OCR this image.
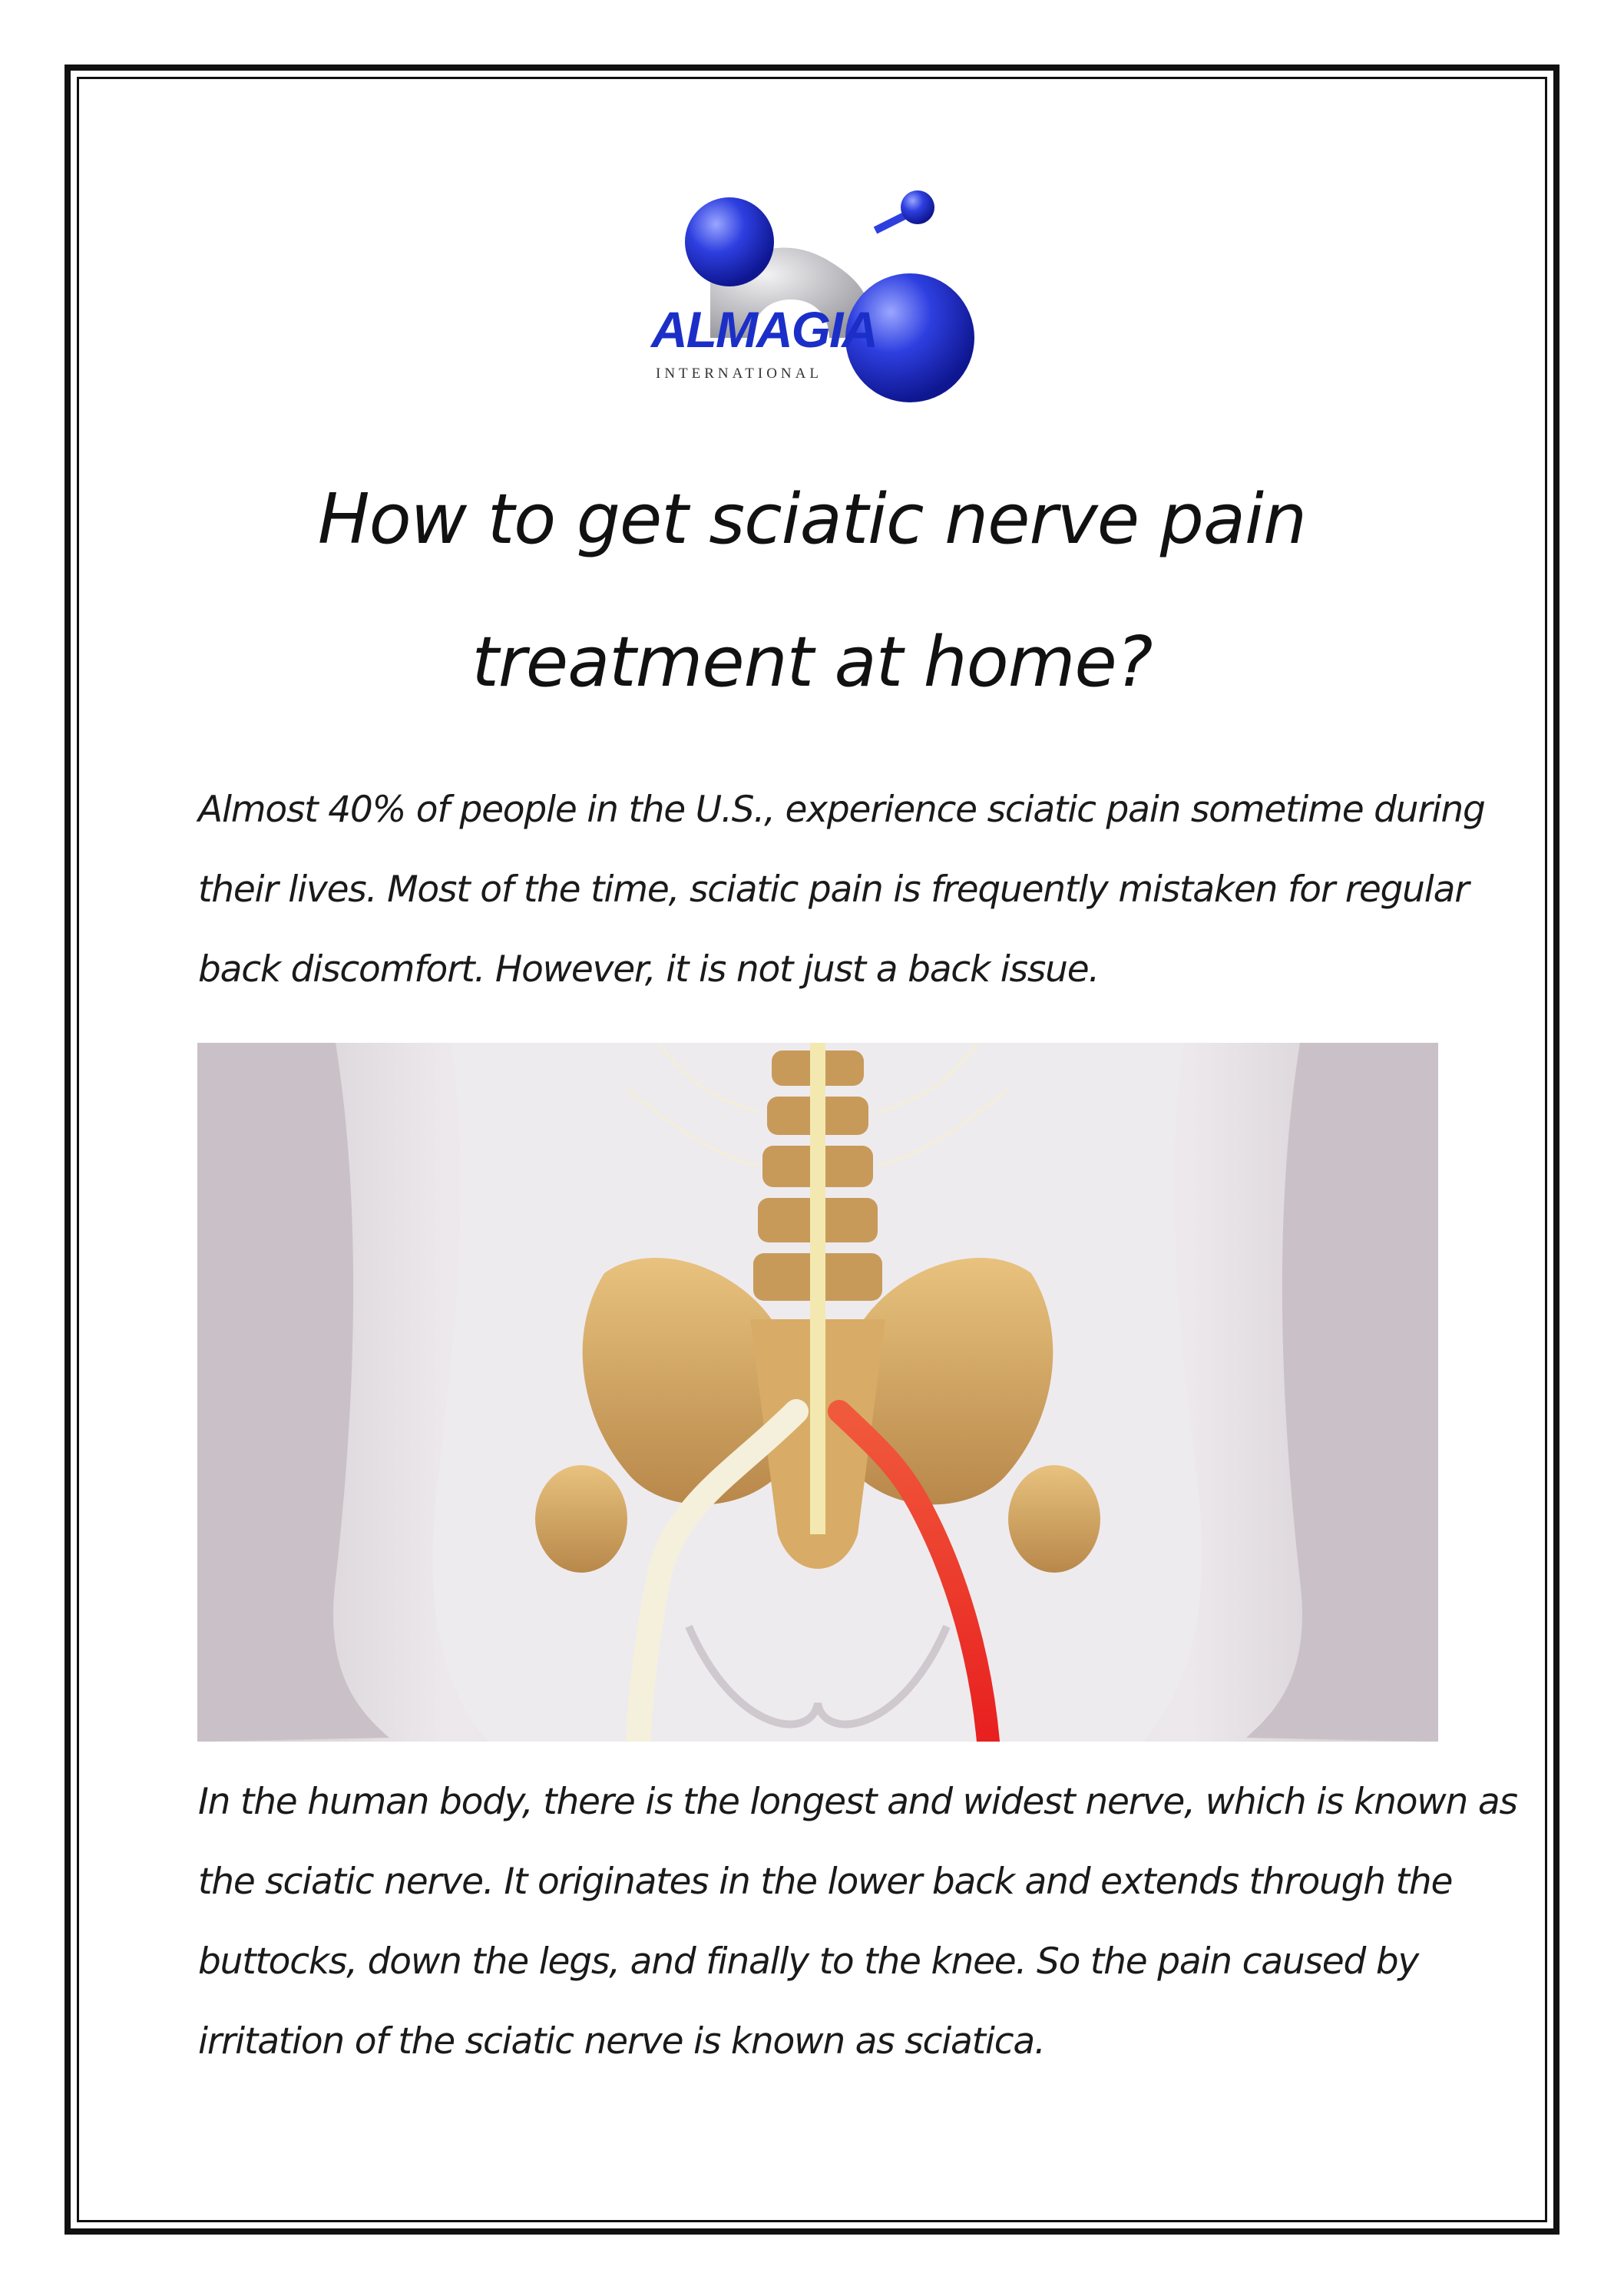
ALMAGIA
INTERNATIONAL
How to get sciatic nerve pain
treatment at home?

Almost 40% of people in the U.S., experience sciatic pain sometime during
their lives. Most of the time, sciatic pain is frequently mistaken for regular
back discomfort. However, it is not just a back issue.

In the human body, there is the longest and widest nerve, which is known as
the sciatic nerve. It originates in the lower back and extends through the
buttocks, down the legs, and finally to the knee. So the pain caused by
irritation of the sciatic nerve is known as sciatica.
